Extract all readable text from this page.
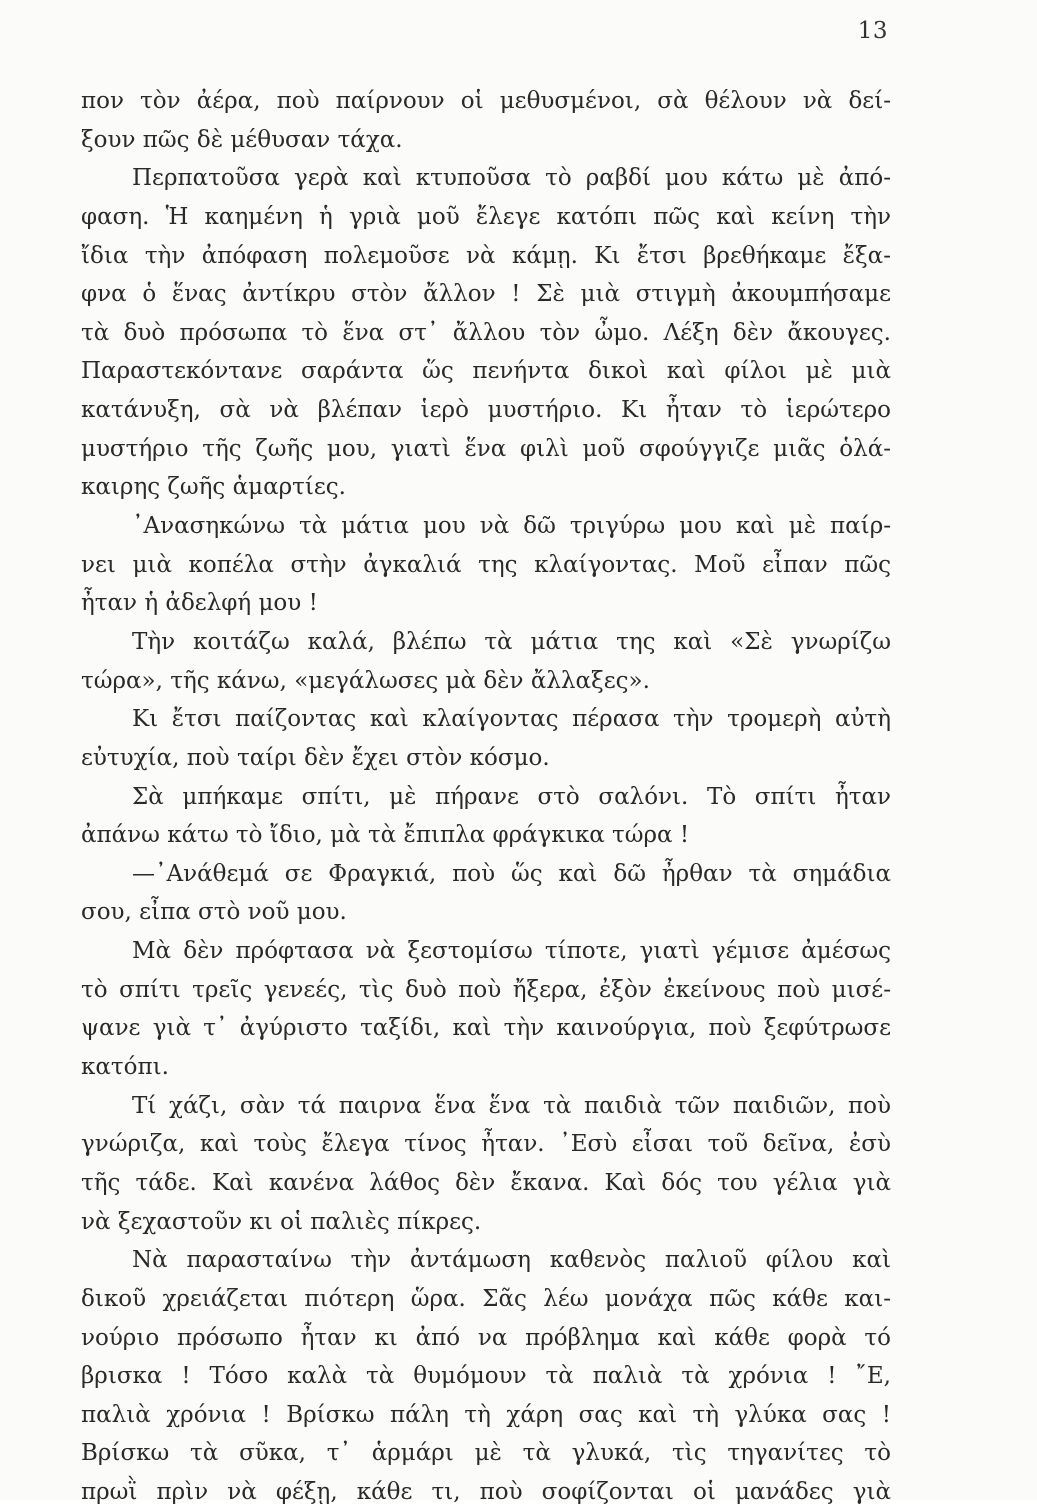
13
πον τὸν ἀέρα, ποὺ παίρνουν οἱ μεθυσμένοι, σὰ θέλουν νὰ δεί-
ξουν πῶς δὲ μέθυσαν τάχα.
Περπατοῦσα γερὰ καὶ κτυποῦσα τὸ ραβδί μου κάτω μὲ ἀπό-
φαση. Ἡ καημένη ἡ γριὰ μοῦ ἔλεγε κατόπι πῶς καὶ κείνη τὴν
ἴδια τὴν ἀπόφαση πολεμοῦσε νὰ κάμῃ. Κι ἔτσι βρεθήκαμε ἔξα-
φνα ὁ ἕνας ἀντίκρυ στὸν ἄλλον ! Σὲ μιὰ στιγμὴ ἀκουμπήσαμε
τὰ δυὸ πρόσωπα τὸ ἕνα στ᾿ ἄλλου τὸν ὦμο. Λέξη δὲν ἄκουγες.
Παραστεκόντανε σαράντα ὥς πενήντα δικοὶ καὶ φίλοι μὲ μιὰ
κατάνυξη, σὰ νὰ βλέπαν ἱερὸ μυστήριο. Κι ἦταν τὸ ἱερώτερο
μυστήριο τῆς ζωῆς μου, γιατὶ ἕνα φιλὶ μοῦ σφούγγιζε μιᾶς ὁλά-
καιρης ζωῆς ἁμαρτίες.
᾿Ανασηκώνω τὰ μάτια μου νὰ δῶ τριγύρω μου καὶ μὲ παίρ-
νει μιὰ κοπέλα στὴν ἀγκαλιά της κλαίγοντας. Μοῦ εἶπαν πῶς
ἦταν ἡ ἀδελφή μου !
Τὴν κοιτάζω καλά, βλέπω τὰ μάτια της καὶ «Σὲ γνωρίζω
τώρα», τῆς κάνω, «μεγάλωσες μὰ δὲν ἄλλαξες».
Κι ἔτσι παίζοντας καὶ κλαίγοντας πέρασα τὴν τρομερὴ αὐτὴ
εὐτυχία, ποὺ ταίρι δὲν ἔχει στὸν κόσμο.
Σὰ μπήκαμε σπίτι, μὲ πήρανε στὸ σαλόνι. Τὸ σπίτι ἦταν
ἀπάνω κάτω τὸ ἴδιο, μὰ τὰ ἔπιπλα φράγκικα τώρα !
—᾿Ανάθεμά σε Φραγκιά, ποὺ ὥς καὶ δῶ ἦρθαν τὰ σημάδια
σου, εἶπα στὸ νοῦ μου.
Μὰ δὲν πρόφτασα νὰ ξεστομίσω τίποτε, γιατὶ γέμισε ἀμέσως
τὸ σπίτι τρεῖς γενεές, τὶς δυὸ ποὺ ἤξερα, ἐξὸν ἐκείνους ποὺ μισέ-
ψανε γιὰ τ᾿ ἀγύριστο ταξίδι, καὶ τὴν καινούργια, ποὺ ξεφύτρωσε
κατόπι.
Τί χάζι, σὰν τά παιρνα ἕνα ἕνα τὰ παιδιὰ τῶν παιδιῶν, ποὺ
γνώριζα, καὶ τοὺς ἔλεγα τίνος ἦταν. ᾿Εσὺ εἶσαι τοῦ δεῖνα, ἐσὺ
τῆς τάδε. Καὶ κανένα λάθος δὲν ἔκανα. Καὶ δός του γέλια γιὰ
νὰ ξεχαστοῦν κι οἱ παλιὲς πίκρες.
Νὰ παρασταίνω τὴν ἀντάμωση καθενὸς παλιοῦ φίλου καὶ
δικοῦ χρειάζεται πιότερη ὥρα. Σᾶς λέω μονάχα πῶς κάθε και-
νούριο πρόσωπο ἦταν κι ἀπό να πρόβλημα καὶ κάθε φορὰ τό
βρισκα ! Τόσο καλὰ τὰ θυμόμουν τὰ παλιὰ τὰ χρόνια ! ῎Ε,
παλιὰ χρόνια ! Βρίσκω πάλη τὴ χάρη σας καὶ τὴ γλύκα σας !
Βρίσκω τὰ σῦκα, τ᾿ ἁρμάρι μὲ τὰ γλυκά, τὶς τηγανίτες τὸ
πρωῒ πρὶν νὰ φέξῃ, κάθε τι, ποὺ σοφίζονται οἱ μανάδες γιὰ
